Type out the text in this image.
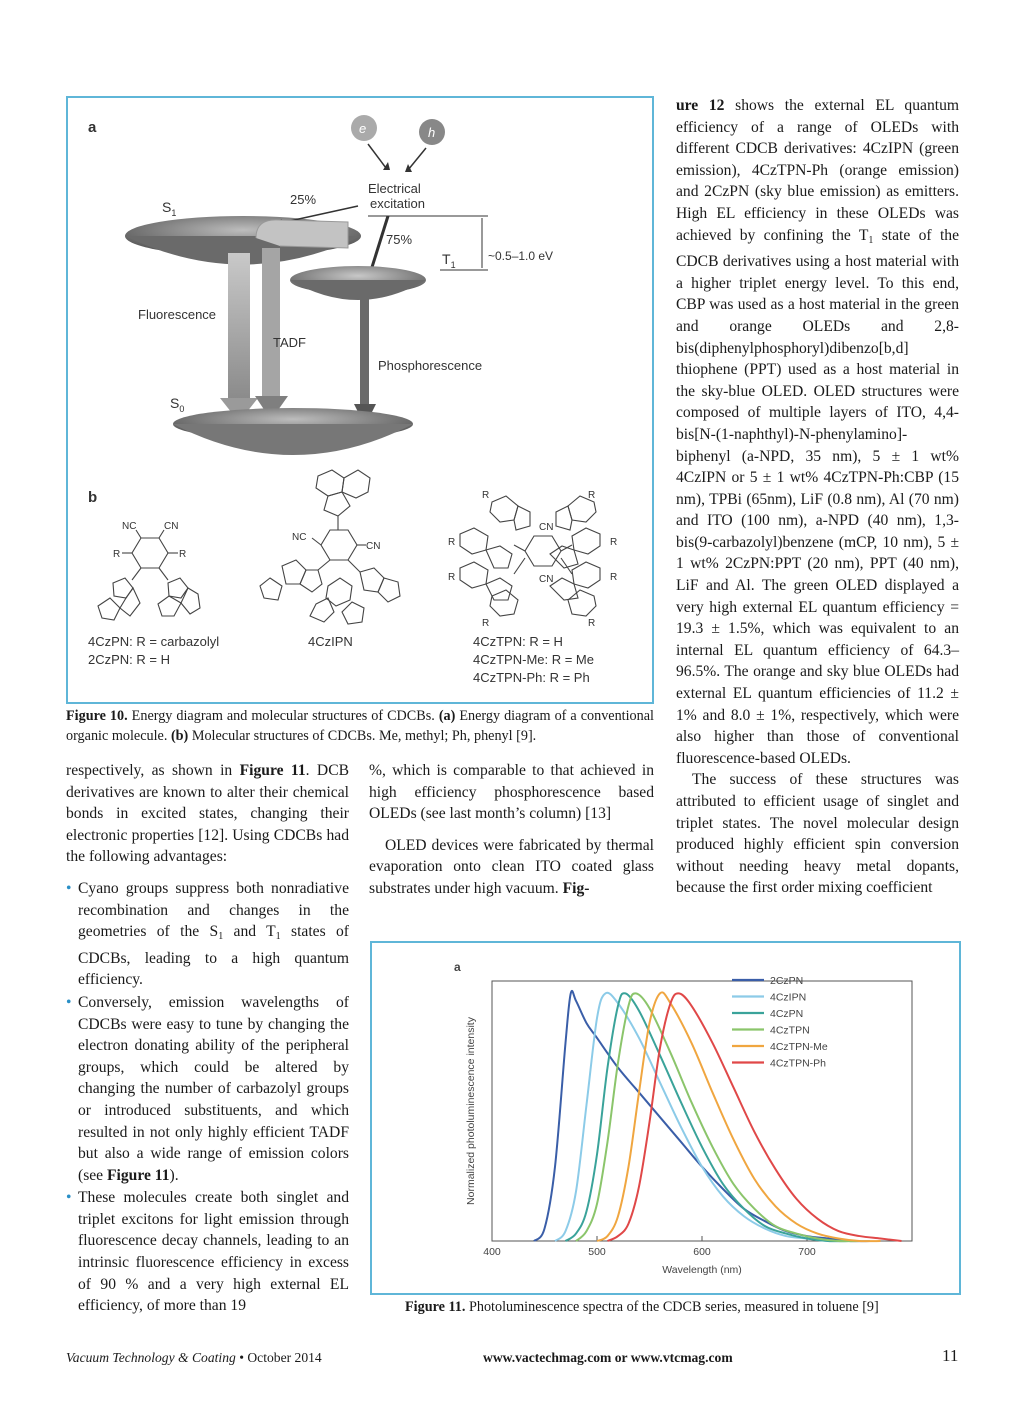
a	e	h
Electrical excitation
$S_1$
25%
75%
~0.5–1.0 eV
$T_1$
Fluorescence
TADF
Phosphorescence
$S_0$
b
NC	CN
R	R
NC
CN
R	R
CN
R	R
R	R
CN
R	R
4CzPN: R = carbazolyl
2CzPN: R = H
4CzIPN	4CzTPN: R = H
4CzTPN-Me: R = Me
4CzTPN-Ph: R = Ph
Figure 10. Energy diagram and molecular structures of CDCBs. (a) Energy diagram of a conventional organic molecule. (b) Molecular structures of CDCBs. Me, methyl; Ph, phenyl [9].

respectively, as shown in Figure 11. DCB derivatives are known to alter their chemical bonds in excited states, changing their electronic properties [12]. Using CDCBs had the following advantages:

• Cyano groups suppress both nonradiative recombination and changes in the geometries of the $S_1$ and $T_1$ states of CDCBs, leading to a high quantum efficiency.
• Conversely, emission wavelengths of CDCBs were easy to tune by changing the electron donating ability of the peripheral groups, which could be altered by changing the number of carbazolyl groups or introduced substituents, and which resulted in not only highly efficient TADF but also a wide range of emission colors (see Figure 11).
• These molecules create both singlet and triplet excitons for light emission through fluorescence decay channels, leading to an intrinsic fluorescence efficiency in excess of 90 % and a very high external EL efficiency, of more than 19

%, which is comparable to that achieved in high efficiency phosphorescence based OLEDs (see last month’s column) [13]

OLED devices were fabricated by thermal evaporation onto clean ITO coated glass substrates under high vacuum. Fig-

ure 12 shows the external EL quantum efficiency of a range of OLEDs with different CDCB derivatives: 4CzIPN (green emission), 4CzTPN-Ph (orange emission) and 2CzPN (sky blue emission) as emitters. High EL efficiency in these OLEDs was achieved by confining the $T_1$ state of the CDCB derivatives using a host material with a higher triplet energy level. To this end, CBP was used as a host material in the green and orange OLEDs and 2,8-bis(diphenylphosphoryl)dibenzo[b,d] thiophene (PPT) used as a host material in the sky-blue OLED. OLED structures were composed of multiple layers of ITO, 4,4-bis[N-(1-naphthyl)-N-phenylamino]-biphenyl (a-NPD, 35 nm), 5 ± 1 wt% 4CzIPN or 5 ± 1 wt% 4CzTPN-Ph:CBP (15 nm), TPBi (65nm), LiF (0.8 nm), Al (70 nm) and ITO (100 nm), a-NPD (40 nm), 1,3-bis(9-carbazolyl)benzene (mCP, 10 nm), 5 ± 1 wt% 2CzPN:PPT (20 nm), PPT (40 nm), LiF and Al. The green OLED displayed a very high external EL quantum efficiency = 19.3 ± 1.5%, which was equivalent to an internal EL quantum efficiency of 64.3–96.5%. The orange and sky blue OLEDs had external EL quantum efficiencies of 11.2 ± 1% and 8.0 ± 1%, respectively, which were also higher than those of conventional fluorescence-based OLEDs.

The success of these structures was attributed to efficient usage of singlet and triplet states. The novel molecular design produced highly efficient spin conversion without needing heavy metal dopants, because the first order mixing coefficient

a
400	500	600	700
Wavelength (nm)
Normalized photoluminescence intensity
2CzPN
4CzIPN
4CzPN
4CzTPN
4CzTPN-Me
4CzTPN-Ph
Figure 11. Photoluminescence spectra of the CDCB series, measured in toluene [9]
Vacuum Technology & Coating • October 2014	www.vactechmag.com or www.vtcmag.com	11
